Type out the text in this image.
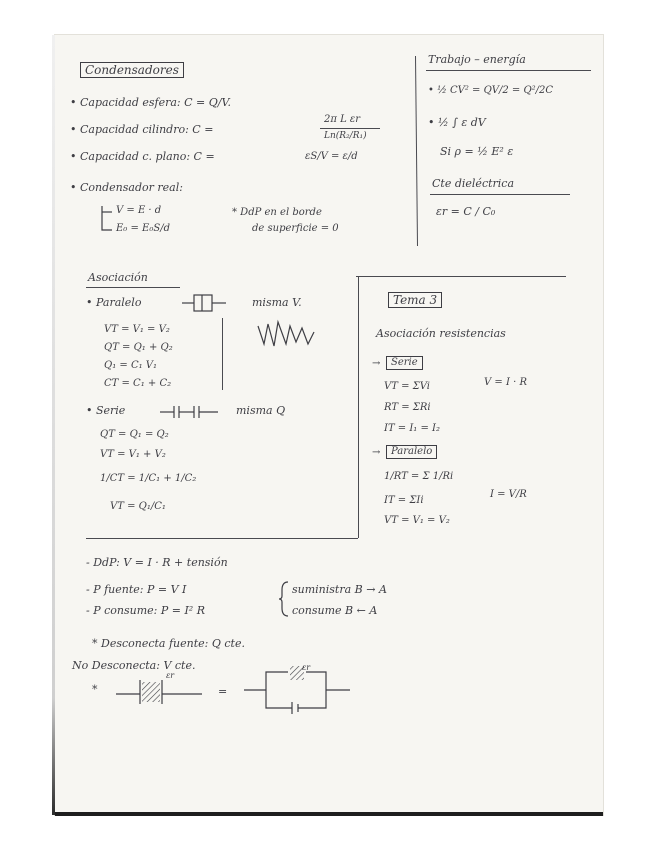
Condensadores
• Capacidad esfera: C = Q/V.
• Capacidad cilindro: C =
2π L εr
Ln(R₂/R₁)
• Capacidad c. plano: C =	εS/V = ε/d
• Condensador real:
V = E · d
E₀ = E₀S/d
* DdP en el borde
de superficie = 0
Trabajo – energía
• ½ CV² = QV/2 = Q²/2C
• ½ ∫ ε dV
Si ρ = ½ E² ε
Cte dieléctrica
εr = C / C₀
Asociación
• Paralelo	misma V.
VT = V₁ = V₂
QT = Q₁ + Q₂
Q₁ = C₁ V₁
CT = C₁ + C₂
• Serie	misma Q
QT = Q₁ = Q₂
VT = V₁ + V₂
1/CT = 1/C₁ + 1/C₂
VT = Q₁/C₁
Tema 3
Asociación resistencias
→	Serie
VT = ΣVi
RT = ΣRi
IT = I₁ = I₂
V = I · R
→	Paralelo
1/RT = Σ 1/Ri
IT = ΣIi
VT = V₁ = V₂
I = V/R
- DdP: V = I · R + tensión
- P fuente: P = V I
- P consume: P = I² R
suministra B → A
consume B ← A
* Desconecta fuente: Q cte.
No Desconecta: V cte.
*
εr
=
εr
